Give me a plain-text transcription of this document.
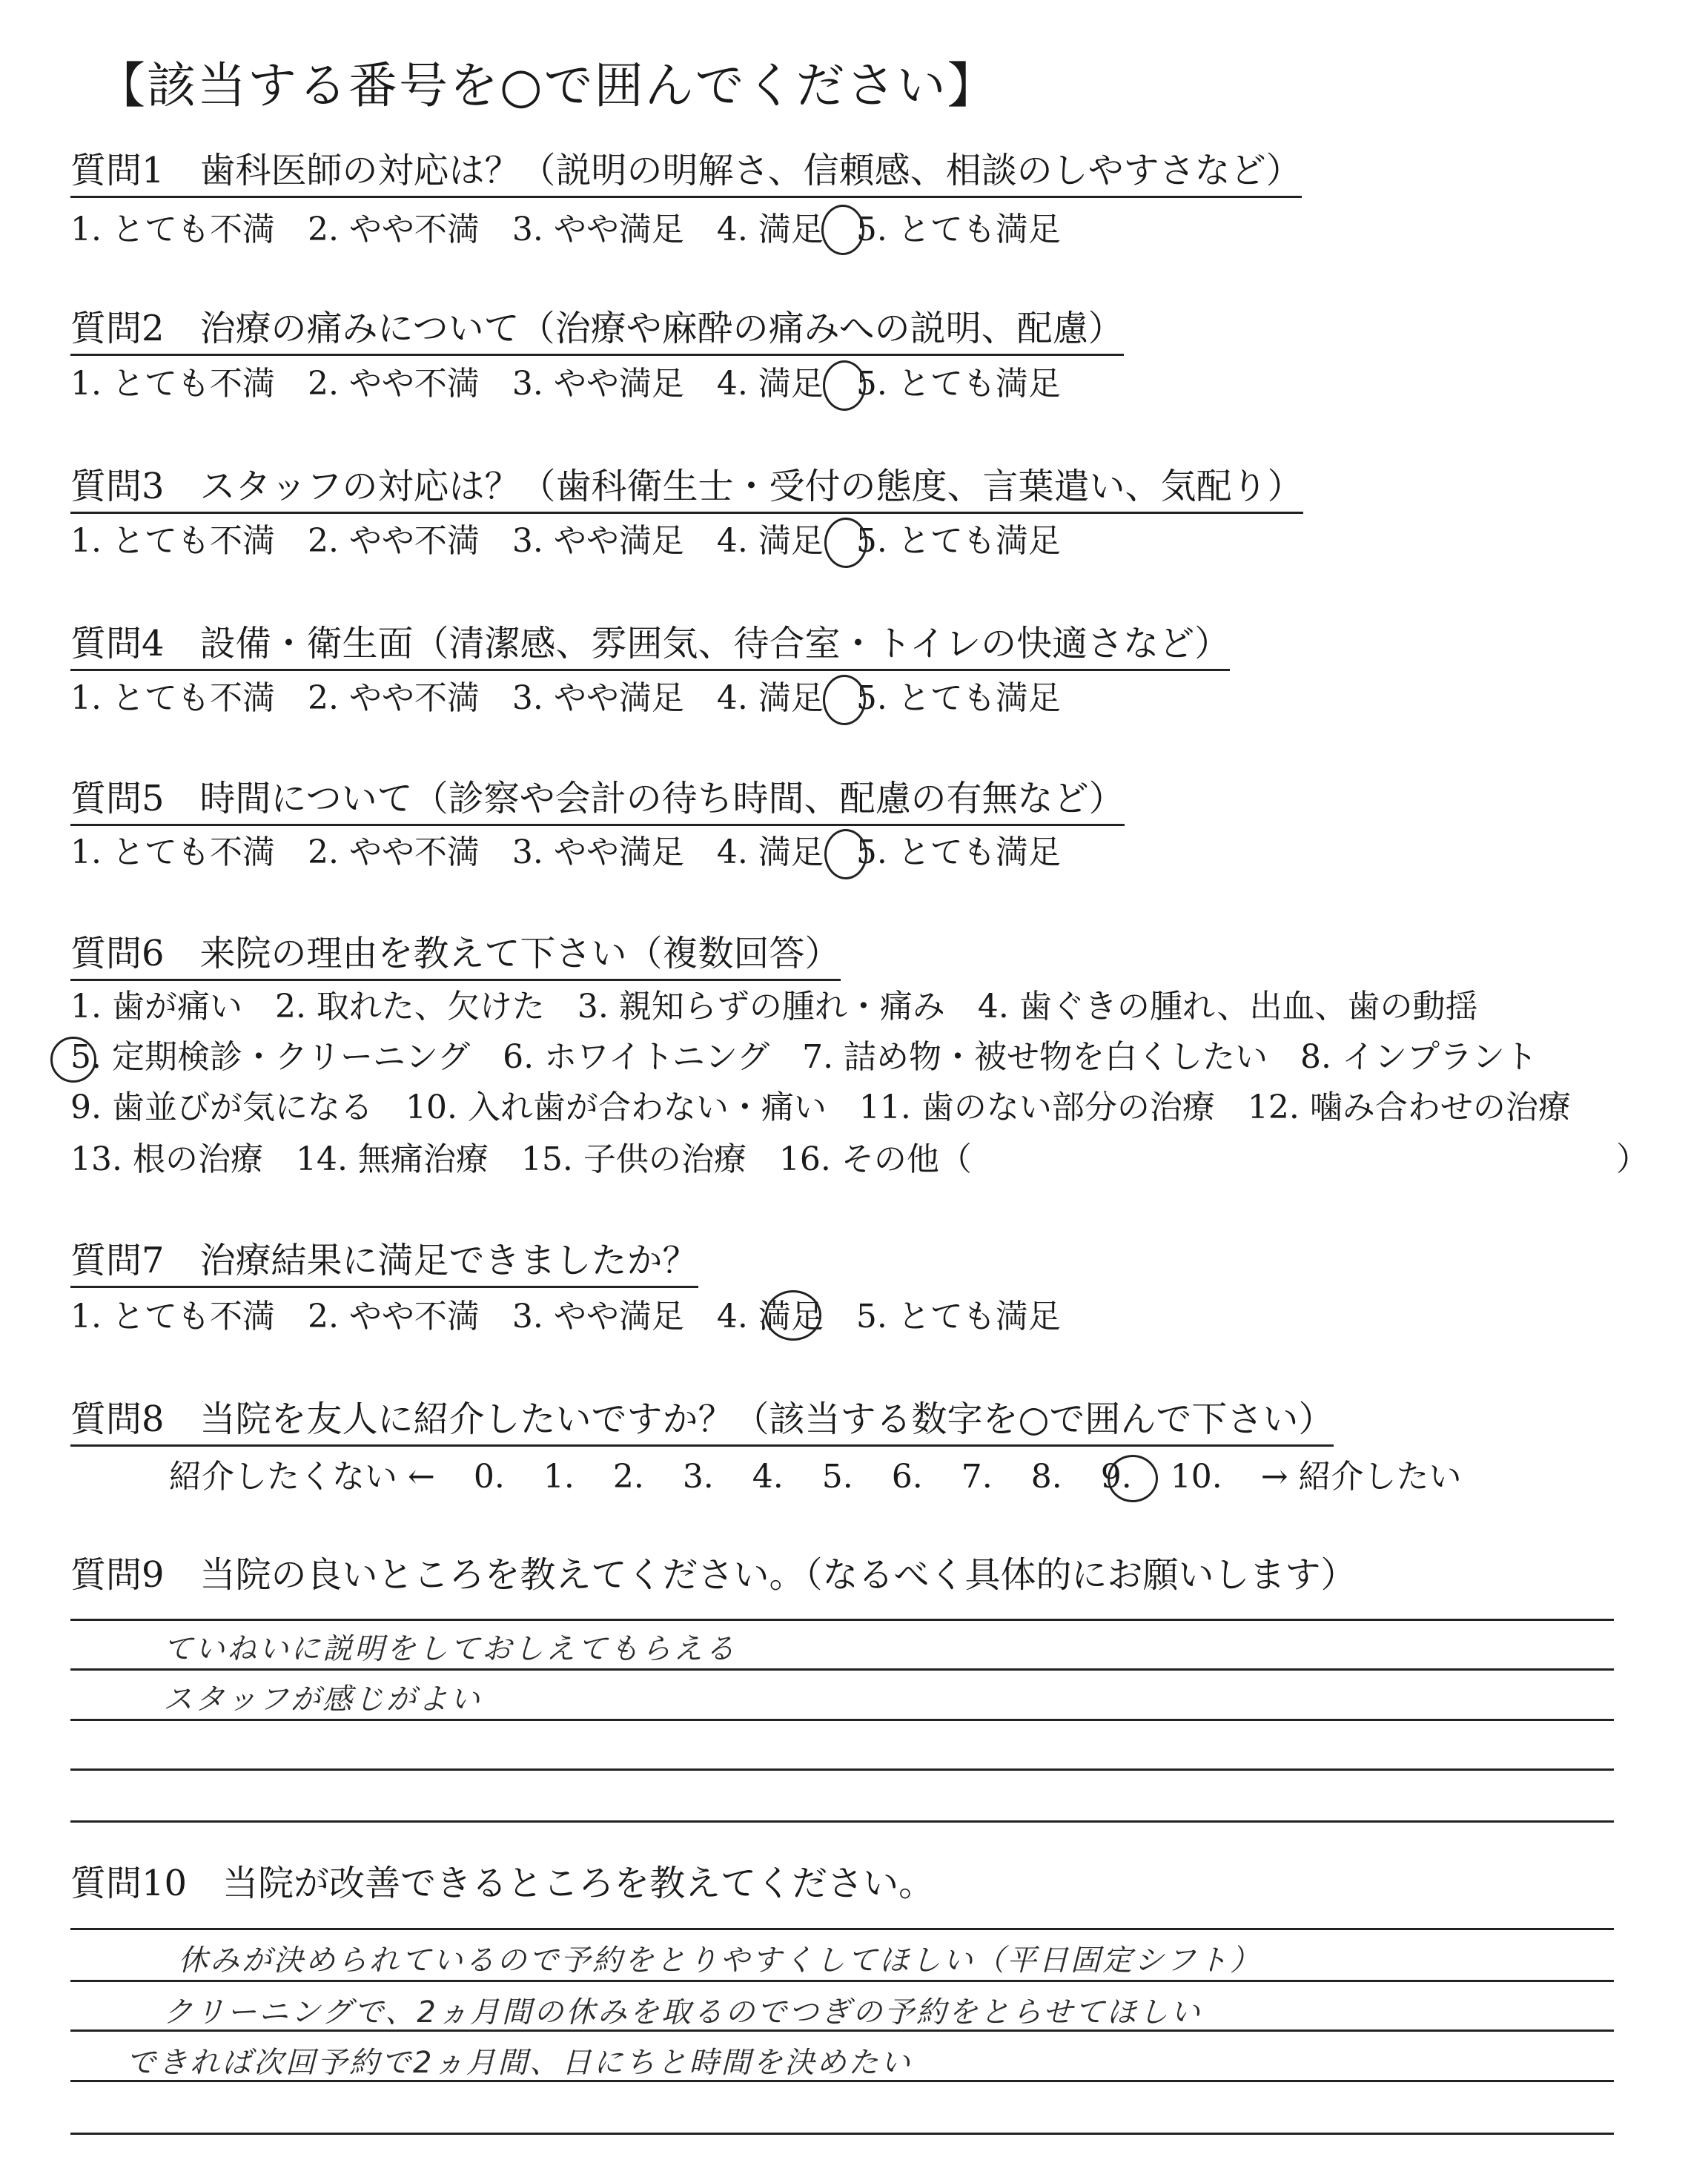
【該当する番号を○で囲んでください】
質問1　歯科医師の対応は？（説明の明解さ、信頼感、相談のしやすさなど）
1. とても不満　2. やや不満　3. やや満足　4. 満足　5. とても満足
質問2　治療の痛みについて（治療や麻酔の痛みへの説明、配慮）
1. とても不満　2. やや不満　3. やや満足　4. 満足　5. とても満足
質問3　スタッフの対応は？（歯科衛生士・受付の態度、言葉遣い、気配り）
1. とても不満　2. やや不満　3. やや満足　4. 満足　5. とても満足
質問4　設備・衛生面（清潔感、雰囲気、待合室・トイレの快適さなど）
1. とても不満　2. やや不満　3. やや満足　4. 満足　5. とても満足
質問5　時間について（診察や会計の待ち時間、配慮の有無など）
1. とても不満　2. やや不満　3. やや満足　4. 満足　5. とても満足
質問6　来院の理由を教えて下さい（複数回答）
1. 歯が痛い　2. 取れた、欠けた　3. 親知らずの腫れ・痛み　4. 歯ぐきの腫れ、出血、歯の動揺
5. 定期検診・クリーニング　6. ホワイトニング　7. 詰め物・被せ物を白くしたい　8. インプラント
9. 歯並びが気になる　10. 入れ歯が合わない・痛い　11. 歯のない部分の治療　12. 噛み合わせの治療
13. 根の治療　14. 無痛治療　15. 子供の治療　16. その他（	）
質問7　治療結果に満足できましたか？
1. とても不満　2. やや不満　3. やや満足　4. 満足　5. とても満足
質問8　当院を友人に紹介したいですか？（該当する数字を○で囲んで下さい）
紹介したくない ← 0. 1. 2. 3. 4. 5. 6. 7. 8. 9. 10. → 紹介したい
質問9　当院の良いところを教えてください。（なるべく具体的にお願いします）
ていねいに説明をしておしえてもらえる
スタッフが感じがよい
質問10　当院が改善できるところを教えてください。
休みが決められているので予約をとりやすくしてほしい（平日固定シフト）
クリーニングで、2ヵ月間の休みを取るのでつぎの予約をとらせてほしい
できれば次回予約で2ヵ月間、日にちと時間を決めたい
